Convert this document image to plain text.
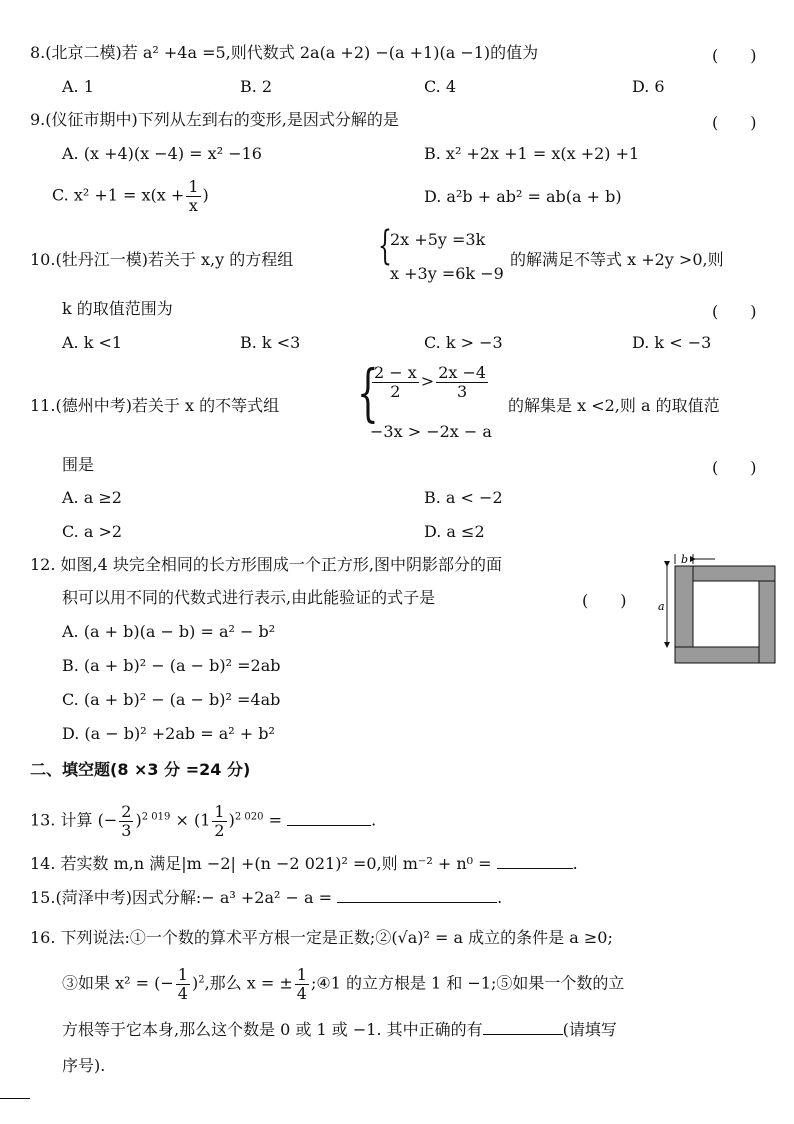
8.(北京二模)若 a² +4a =5,则代数式 2a(a +2) −(a +1)(a −1)的值为	(　　)
A. 1	B. 2	C. 4	D. 6
9.(仪征市期中)下列从左到右的变形,是因式分解的是	(　　)
A. (x +4)(x −4) = x² −16	B. x² +2x +1 = x(x +2) +1
C. $x^2 +1 = x(x + \frac{1}{x}$ )	D. a²b + ab² = ab(a + b)
10.(牡丹江一模)若关于 x,y 的方程组 {
2x +5y =3k
x +3y =6k −9
的解满足不等式 x +2y >0,则
k 的取值范围为	(　　)
A. k <1	B. k <3	C. k > −3	D. k < −3
11.(德州中考)若关于 x 的不等式组 {
$\frac{2 - x}{2} > \frac{2x -4}{3}$
−3x > −2x − a
的解集是 x <2,则 a 的取值范
围是	(　　)
A. a ≥2	B. a < −2
C. a >2	D. a ≤2
12. 如图,4 块完全相同的长方形围成一个正方形,图中阴影部分的面
积可以用不同的代数式进行表示,由此能验证的式子是	(　　)
A. (a + b)(a − b) = a² − b²
B. (a + b)² − (a − b)² =2ab
C. (a + b)² − (a − b)² =4ab
D. (a − b)² +2ab = a² + b²
b
a
二、填空题(8 ×3 分 =24 分)
13. 计算 (− $\frac{2}{3} )^{2 019} \times (1 \frac{1}{2} )^{2 020}$ =	.
14. 若实数 m,n 满足|m −2| +(n −2 021)² =0,则 m⁻² + n⁰ =	.
15.(菏泽中考)因式分解:− a³ +2a² − a =	.
16. 下列说法:①一个数的算术平方根一定是正数;②(√a)² = a 成立的条件是 a ≥0;
③如果 x² = (− $\frac{1}{4} )^2$,那么 x = ± $\frac{1}{4}$ ;④1 的立方根是 1 和 −1;⑤如果一个数的立
方根等于它本身,那么这个数是 0 或 1 或 −1. 其中正确的有	(请填写
序号).
